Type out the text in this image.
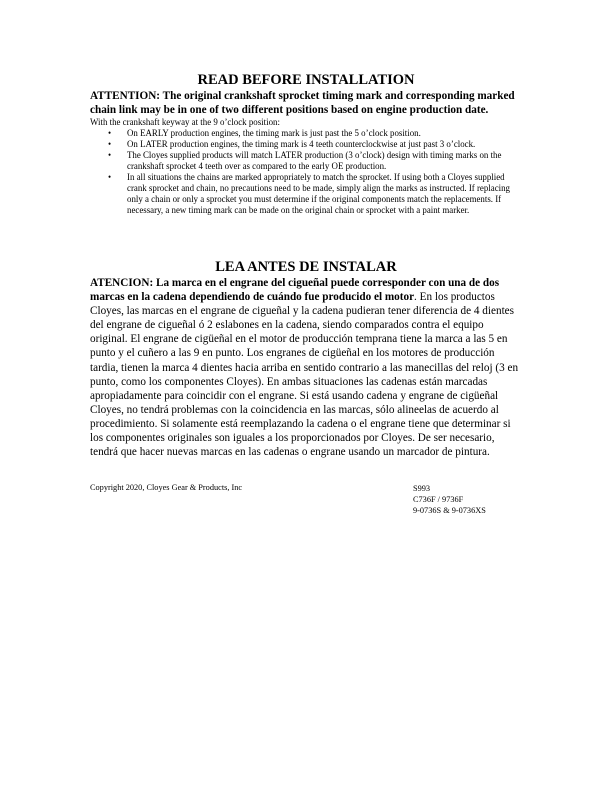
READ BEFORE INSTALLATION

ATTENTION: The original crankshaft sprocket timing mark and corresponding marked chain link may be in one of two different positions based on engine production date.

With the crankshaft keyway at the 9 o’clock position:

• On EARLY production engines, the timing mark is just past the 5 o’clock position.
• On LATER production engines, the timing mark is 4 teeth counterclockwise at just past 3 o’clock.
• The Cloyes supplied products will match LATER production (3 o’clock) design with timing marks on the crankshaft sprocket 4 teeth over as compared to the early OE production.
• In all situations the chains are marked appropriately to match the sprocket. If using both a Cloyes supplied crank sprocket and chain, no precautions need to be made, simply align the marks as instructed. If replacing only a chain or only a sprocket you must determine if the original components match the replacements. If necessary, a new timing mark can be made on the original chain or sprocket with a paint marker.

LEA ANTES DE INSTALAR

ATENCION: La marca en el engrane del cigueñal puede corresponder con una de dos marcas en la cadena dependiendo de cuándo fue producido el motor. En los productos Cloyes, las marcas en el engrane de cigueñal y la cadena pudieran tener diferencia de 4 dientes del engrane de cigueñal ó 2 eslabones en la cadena, siendo comparados contra el equipo original. El engrane de cigüeñal en el motor de producción temprana tiene la marca a las 5 en punto y el cuñero a las 9 en punto. Los engranes de cigüeñal en los motores de producción tardia, tienen la marca 4 dientes hacia arriba en sentido contrario a las manecillas del reloj (3 en punto, como los componentes Cloyes). En ambas situaciones las cadenas están marcadas apropiadamente para coincidir con el engrane. Si está usando cadena y engrane de cigüeñal Cloyes, no tendrá problemas con la coincidencia en las marcas, sólo alineelas de acuerdo al procedimiento. Si solamente está reemplazando la cadena o el engrane tiene que determinar si los componentes originales son iguales a los proporcionados por Cloyes. De ser necesario, tendrá que hacer nuevas marcas en las cadenas o engrane usando un marcador de pintura.

Copyright 2020, Cloyes Gear & Products, Inc	S993
C736F / 9736F
9-0736S & 9-0736XS
